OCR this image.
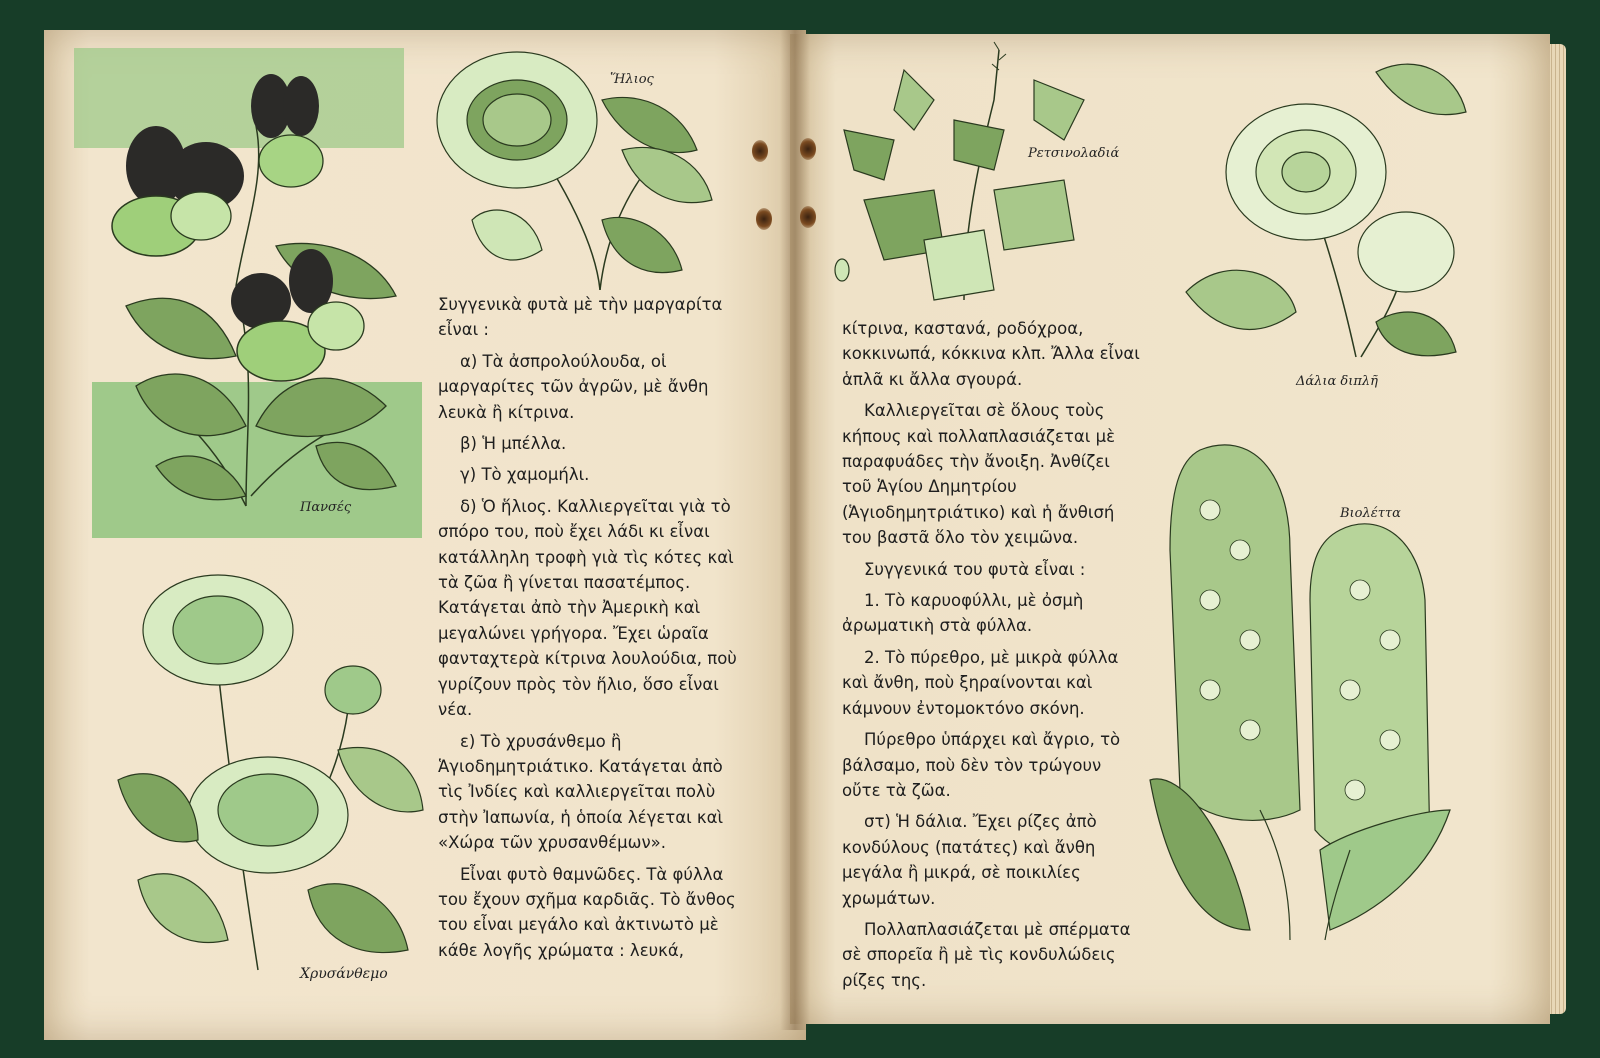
Πανσές
Ἥλιος

Συγγενικὰ φυτὰ μὲ τὴν μαργαρίτα εἶναι :

α) Τὰ ἀσπρολούλουδα, οἱ μαργαρίτες τῶν ἀγρῶν, μὲ ἄνθη λευκὰ ἢ κίτρινα.

β) Ἡ μπέλλα.

γ) Τὸ χαμομήλι.

δ) Ὁ ἥλιος. Καλλιεργεῖται γιὰ τὸ σπόρο του, ποὺ ἔχει λάδι κι εἶναι κατάλληλη τροφὴ γιὰ τὶς κότες καὶ τὰ ζῶα ἢ γίνεται πασατέμπος. Κατάγεται ἀπὸ τὴν Ἀμερικὴ καὶ μεγαλώνει γρήγορα. Ἔχει ὡραῖα φανταχτερὰ κίτρινα λουλούδια, ποὺ γυρίζουν πρὸς τὸν ἥλιο, ὅσο εἶναι νέα.

ε) Τὸ χρυσάνθεμο ἢ Ἁγιοδημητριάτικο. Κατάγεται ἀπὸ τὶς Ἰνδίες καὶ καλλιεργεῖται πολὺ στὴν Ἰαπωνία, ἡ ὁποία λέγεται καὶ «Χώρα τῶν χρυσανθέμων».

Εἶναι φυτὸ θαμνῶδες. Τὰ φύλλα του ἔχουν σχῆμα καρδιᾶς. Τὸ ἄνθος του εἶναι μεγάλο καὶ ἀκτινωτὸ μὲ κάθε λογῆς χρώματα : λευκά,

Χρυσάνθεμο
Ρετσινολαδιά

κίτρινα, καστανά, ροδόχροα, κοκκινωπά, κόκκινα κλπ. Ἄλλα εἶναι ἁπλᾶ κι ἄλλα σγουρά.

Καλλιεργεῖται σὲ ὅλους τοὺς κήπους καὶ πολλαπλασιάζεται μὲ παραφυάδες τὴν ἄνοιξη. Ἀνθίζει τοῦ Ἁγίου Δημητρίου (Ἁγιοδημητριάτικο) καὶ ἡ ἄνθισή του βαστᾶ ὅλο τὸν χειμῶνα.

Συγγενικά του φυτὰ εἶναι :

1. Τὸ καρυοφύλλι, μὲ ὀσμὴ ἀρωματικὴ στὰ φύλλα.

2. Τὸ πύρεθρο, μὲ μικρὰ φύλλα καὶ ἄνθη, ποὺ ξηραίνονται καὶ κάμνουν ἐντομοκτόνο σκόνη.

Πύρεθρο ὑπάρχει καὶ ἄγριο, τὸ βάλσαμο, ποὺ δὲν τὸν τρώγουν οὔτε τὰ ζῶα.

στ) Ἡ δάλια. Ἔχει ρίζες ἀπὸ κονδύλους (πατάτες) καὶ ἄνθη μεγάλα ἢ μικρά, σὲ ποικιλίες χρωμάτων.

Πολλαπλασιάζεται μὲ σπέρματα σὲ σπορεῖα ἢ μὲ τὶς κονδυλώδεις ρίζες της.

Δάλια διπλῆ
Βιολέττα
